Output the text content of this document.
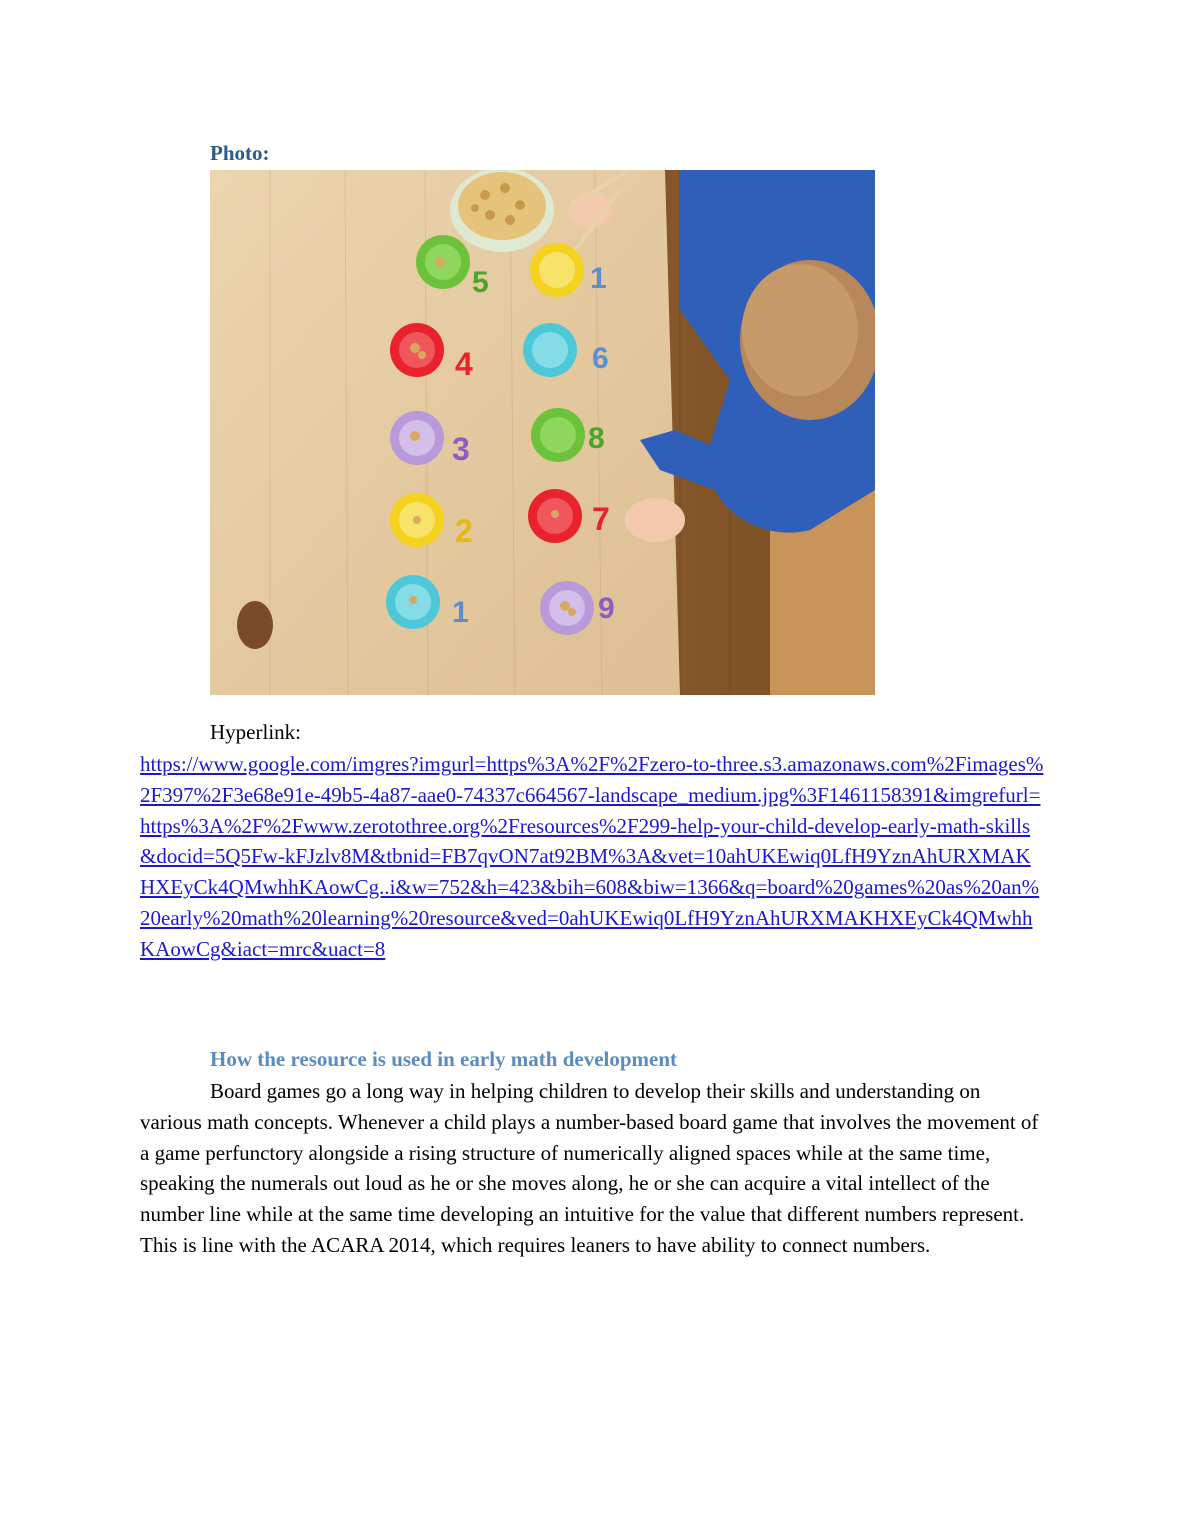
Photo:
5	1
4	6
3	8
2	7
1	9
Hyperlink:
https://www.google.com/imgres?imgurl=https%3A%2F%2Fzero-to-three.s3.amazonaws.com%2Fimages%2F397%2F3e68e91e-49b5-4a87-aae0-74337c664567-landscape_medium.jpg%3F1461158391&imgrefurl=https%3A%2F%2Fwww.zerotothree.org%2Fresources%2F299-help-your-child-develop-early-math-skills&docid=5Q5Fw-kFJzlv8M&tbnid=FB7qvON7at92BM%3A&vet=10ahUKEwiq0LfH9YznAhURXMAKHXEyCk4QMwhhKAowCg..i&w=752&h=423&bih=608&biw=1366&q=board%20games%20as%20an%20early%20math%20learning%20resource&ved=0ahUKEwiq0LfH9YznAhURXMAKHXEyCk4QMwhhKAowCg&iact=mrc&uact=8
How the resource is used in early math development

Board games go a long way in helping children to develop their skills and understanding on various math concepts. Whenever a child plays a number-based board game that involves the movement of a game perfunctory alongside a rising structure of numerically aligned spaces while at the same time, speaking the numerals out loud as he or she moves along, he or she can acquire a vital intellect of the number line while at the same time developing an intuitive for the value that different numbers represent. This is line with the ACARA 2014, which requires leaners to have ability to connect numbers.
